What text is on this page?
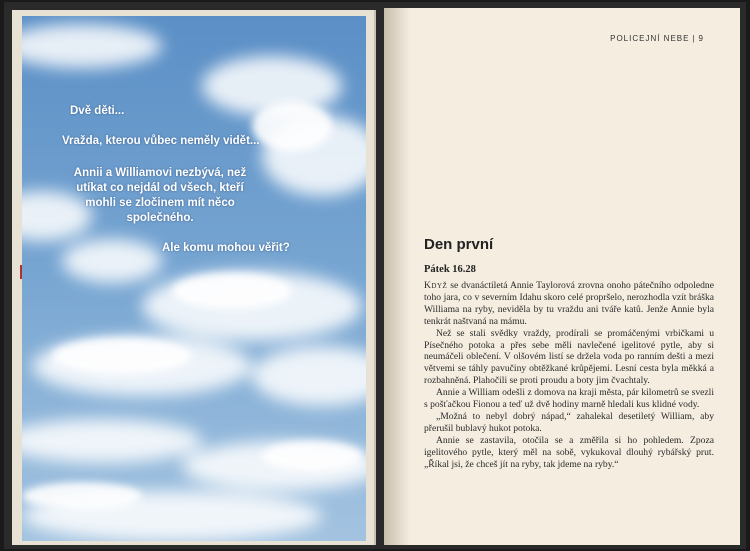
Dvě děti...

Vražda, kterou vůbec neměly vidět...

Annii a Williamovi nezbývá, než utíkat co nejdál od všech, kteří mohli se zločinem mít něco společného.

Ale komu mohou věřit?

POLICEJNÍ NEBE | 9
Den první
Pátek 16.28

Když se dvanáctiletá Annie Taylorová zrovna onoho pátečního odpoledne toho jara, co v severním Idahu skoro celé propršelo, nerozhodla vzít bráška Williama na ryby, neviděla by tu vraždu ani tváře katů. Jenže Annie byla tenkrát naštvaná na mámu.

Než se stali svědky vraždy, prodírali se promáčenými vrbičkami u Písečného potoka a přes sebe měli navlečené igelitové pytle, aby si neumáčeli oblečení. V olšovém listí se držela voda po ranním dešti a mezi větvemi se táhly pavučiny obtěžkané krůpějemi. Lesní cesta byla měkká a rozbahněná. Plahočili se proti proudu a boty jim čvachtaly.

Annie a William odešli z domova na kraji města, pár kilometrů se svezli s pošťačkou Fionou a teď už dvě hodiny marně hledali kus klidné vody.

„Možná to nebyl dobrý nápad,“ zahalekal desetiletý William, aby přerušil bublavý hukot potoka.

Annie se zastavila, otočila se a změřila si ho pohledem. Zpoza igelitového pytle, který měl na sobě, vykukoval dlouhý rybářský prut. „Říkal jsi, že chceš jít na ryby, tak jdeme na ryby.“
